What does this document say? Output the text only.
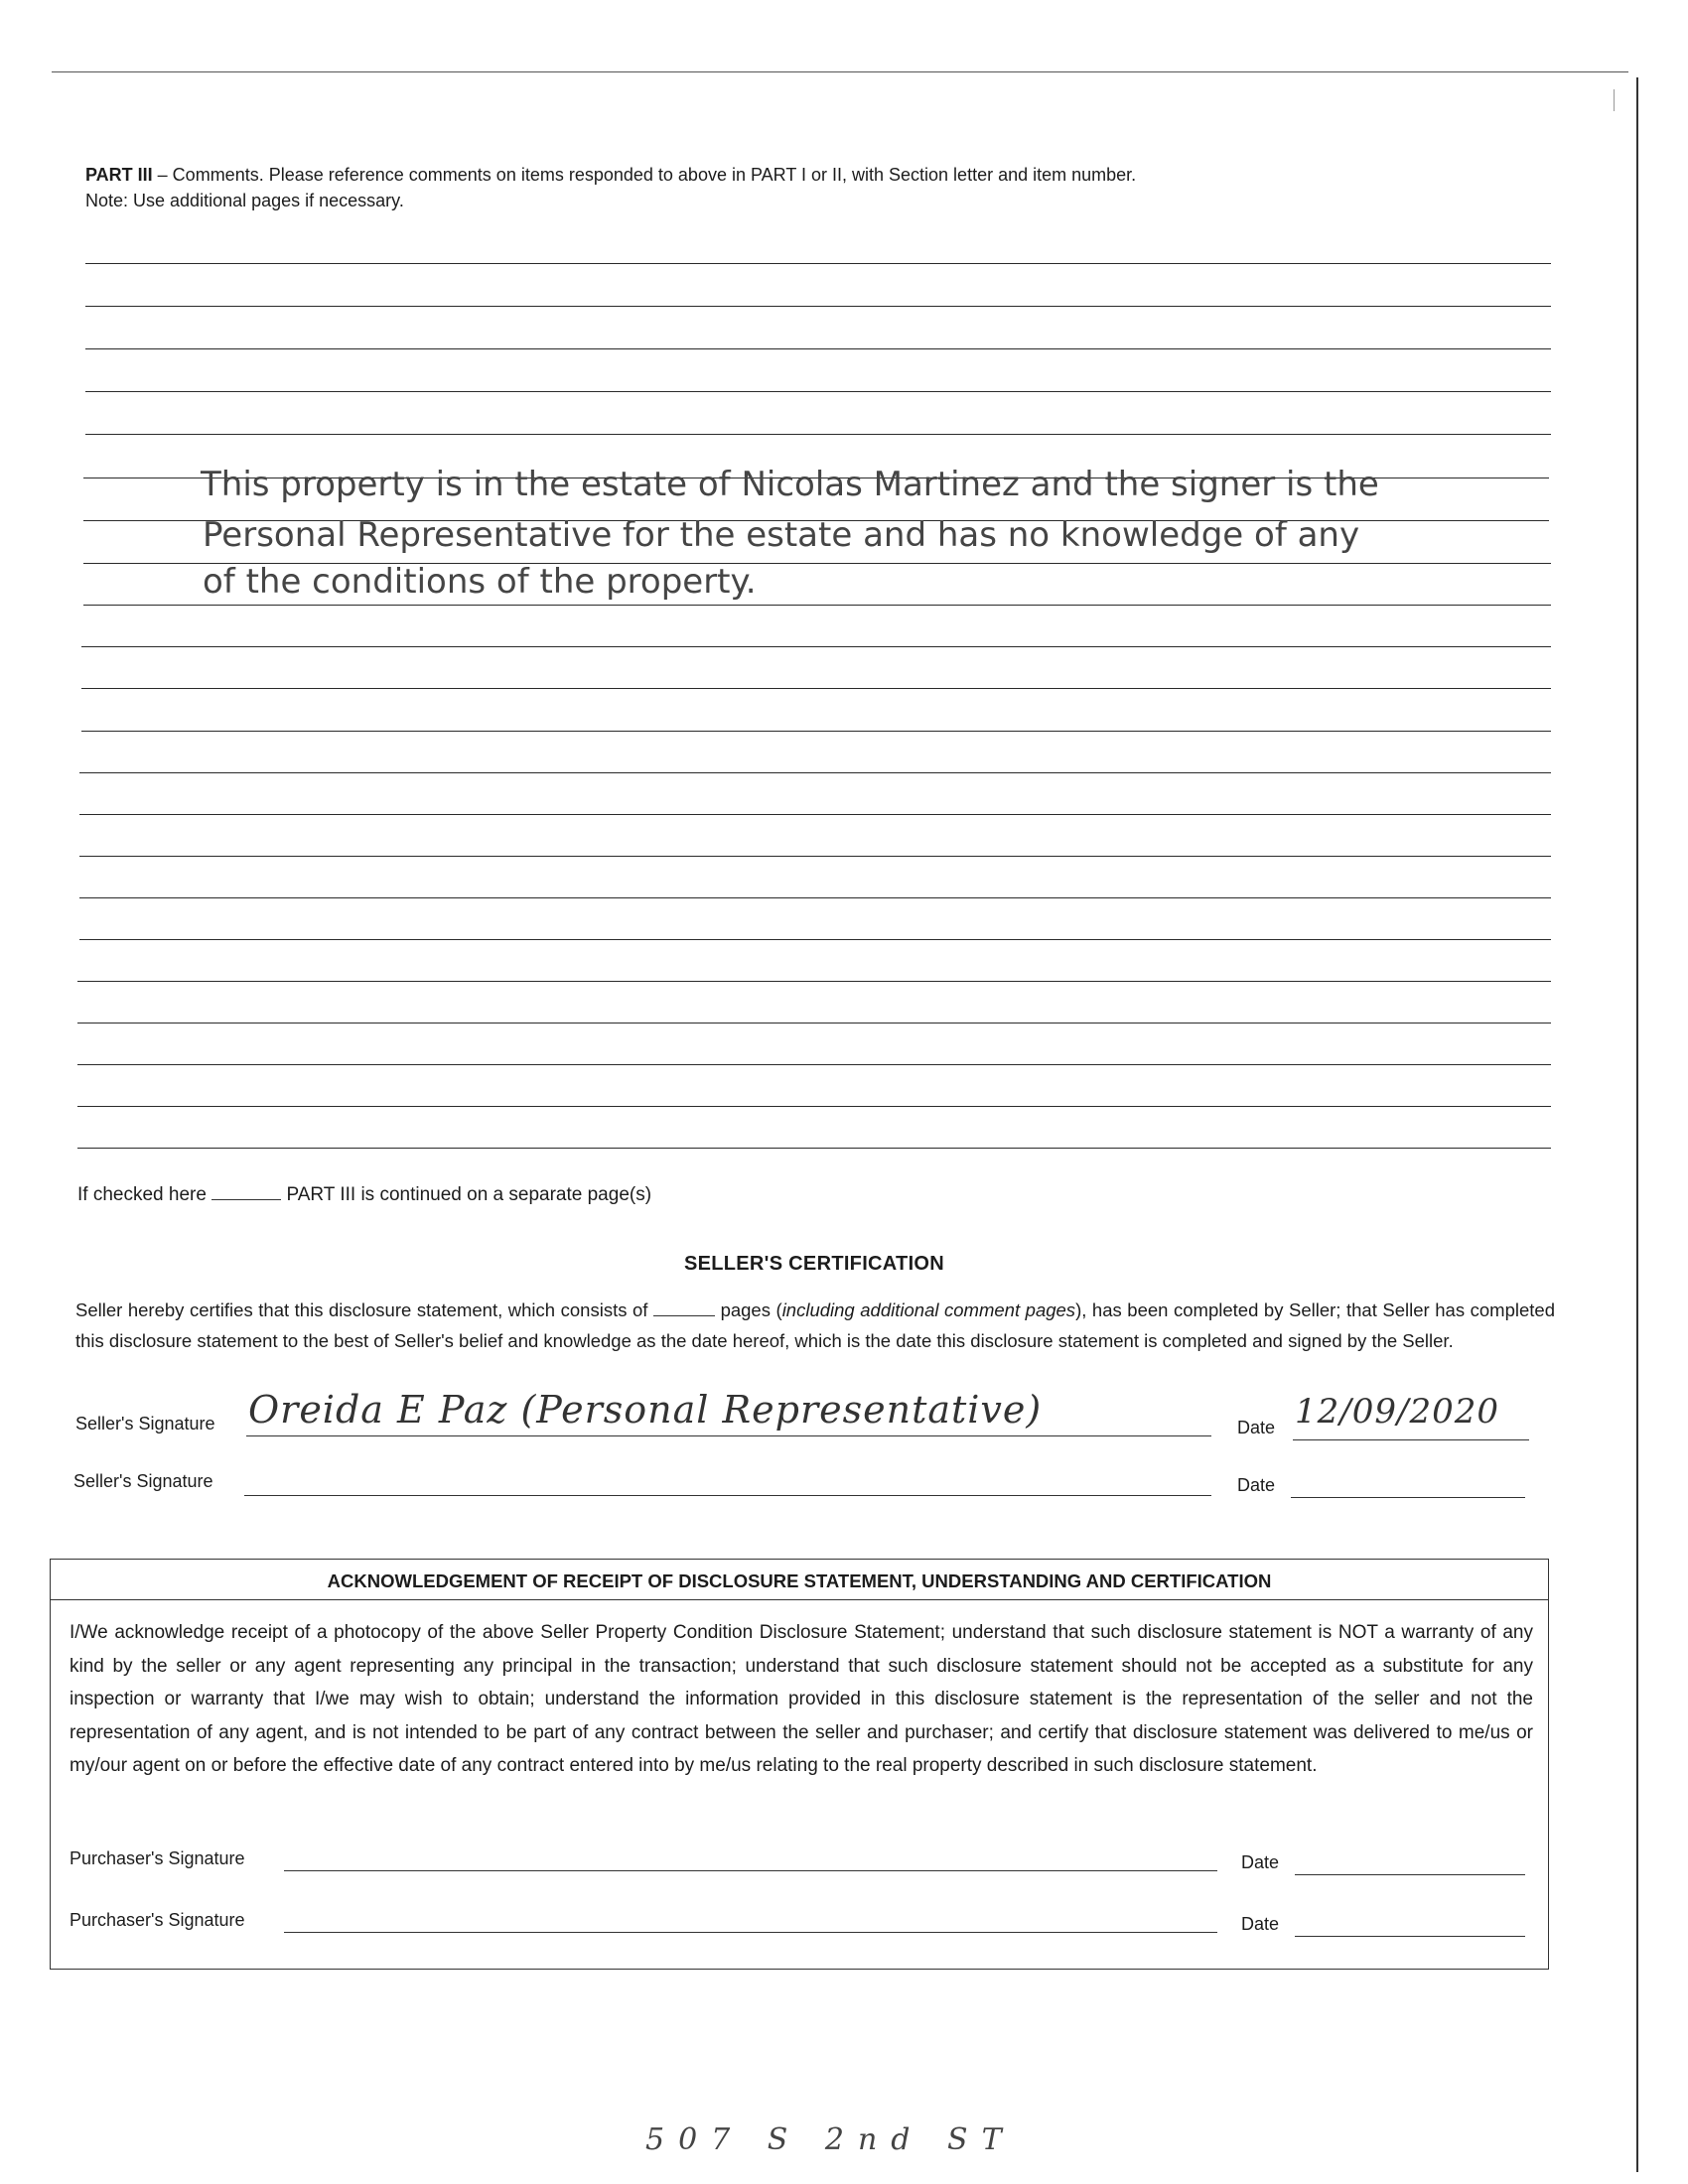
PART III – Comments. Please reference comments on items responded to above in PART I or II, with Section letter and item number.
Note: Use additional pages if necessary.
This property is in the estate of Nicolas Martinez and the signer is the
Personal Representative for the estate and has no knowledge of any
of the conditions of the property.
If checked here	PART III is continued on a separate page(s)
SELLER'S CERTIFICATION
Seller hereby certifies that this disclosure statement, which consists of	pages (including additional comment pages), has been completed by Seller; that Seller has completed this disclosure statement to the best of Seller's belief and knowledge as the date hereof, which is the date this disclosure statement is completed and signed by the Seller.
Seller's Signature Oreida E Paz (Personal Representative)	Date 12/09/2020
Seller's Signature	Date
ACKNOWLEDGEMENT OF RECEIPT OF DISCLOSURE STATEMENT, UNDERSTANDING AND CERTIFICATION
I/We acknowledge receipt of a photocopy of the above Seller Property Condition Disclosure Statement; understand that such disclosure statement is NOT a warranty of any kind by the seller or any agent representing any principal in the transaction; understand that such disclosure statement should not be accepted as a substitute for any inspection or warranty that I/we may wish to obtain; understand the information provided in this disclosure statement is the representation of the seller and not the representation of any agent, and is not intended to be part of any contract between the seller and purchaser; and certify that disclosure statement was delivered to me/us or my/our agent on or before the effective date of any contract entered into by me/us relating to the real property described in such disclosure statement.
Purchaser's Signature	Date
Purchaser's Signature	Date
507 S 2nd ST
